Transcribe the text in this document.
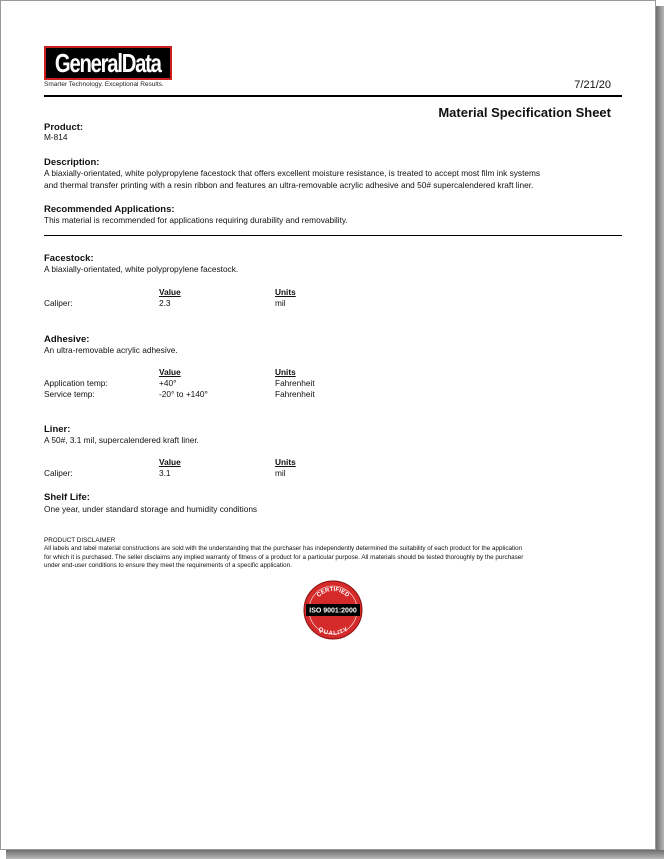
GeneralData
Smarter Technology. Exceptional Results.	7/21/20
Material Specification Sheet
Product:
M-814
Description:
A biaxially-orientated, white polypropylene facestock that offers excellent moisture resistance, is treated to accept most film ink systems
and thermal transfer printing with a resin ribbon and features an ultra-removable acrylic adhesive and 50# supercalendered kraft liner.
Recommended Applications:
This material is recommended for applications requiring durability and removability.
Facestock:
A biaxially-orientated, white polypropylene facestock.
Value	Units
Caliper:	2.3	mil
Adhesive:
An ultra-removable acrylic adhesive.
Value	Units
Application temp:	+40°	Fahrenheit
Service temp:	-20° to +140°	Fahrenheit
Liner:
A 50#, 3.1 mil, supercalendered kraft liner.
Value	Units
Caliper:	3.1	mil
Shelf Life:
One year, under standard storage and humidity conditions
PRODUCT DISCLAIMER
All labels and label material constructions are sold with the understanding that the purchaser has independently determined the suitability of each product for the application
for which it is purchased. The seller disclaims any implied warranty of fitness of a product for a particular purpose. All materials should be tested thoroughly by the purchaser
under end-user conditions to ensure they meet the requirements of a specific application.
CERTIFIED
ISO 9001:2000
QUALITY
